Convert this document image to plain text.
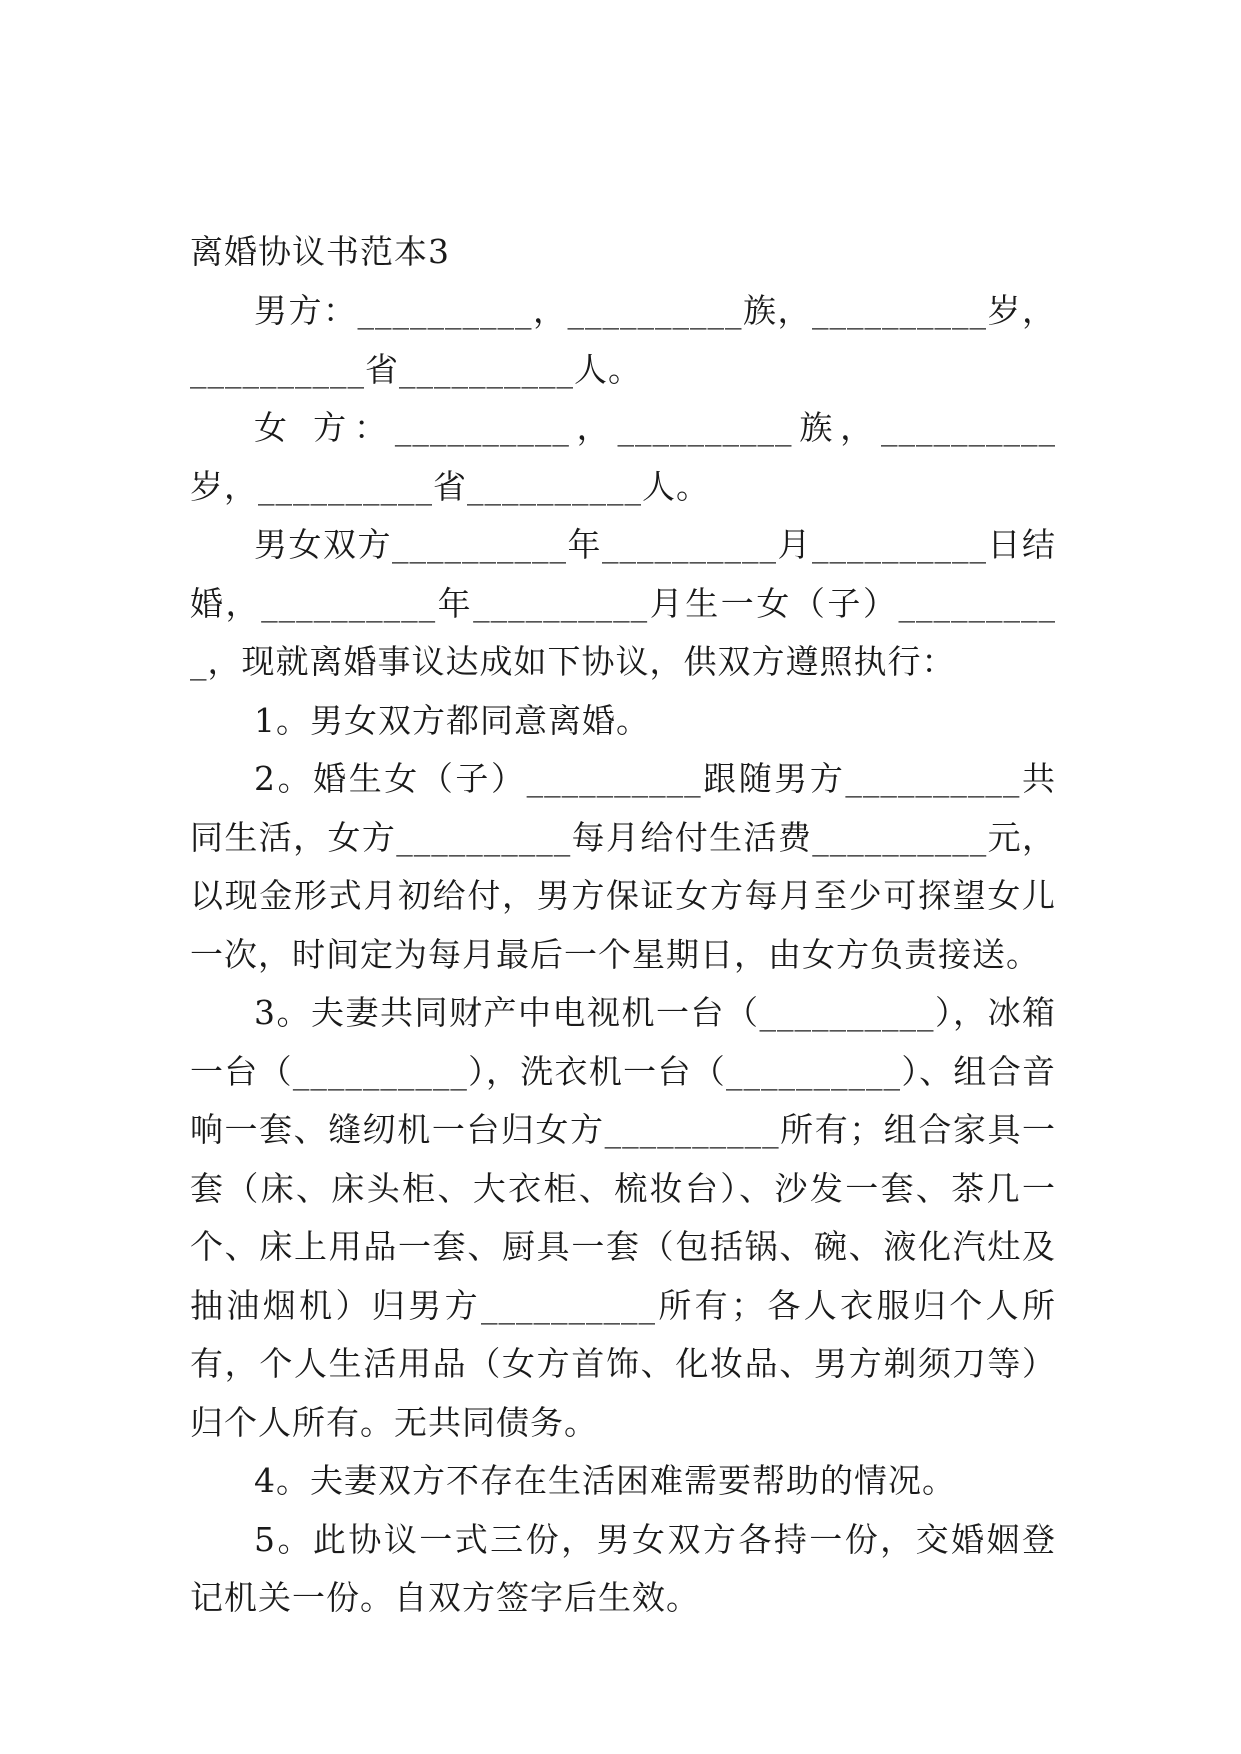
离婚协议书范本3

男方：__________，__________族，__________岁，__________省__________人。

女 方：__________，__________族，__________岁，__________省__________人。

男女双方__________年__________月__________日结婚，__________年__________月生一女（子）__________，现就离婚事议达成如下协议，供双方遵照执行：

1。男女双方都同意离婚。

2。婚生女（子）__________跟随男方__________共同生活，女方__________每月给付生活费__________元，以现金形式月初给付，男方保证女方每月至少可探望女儿一次，时间定为每月最后一个星期日，由女方负责接送。

3。夫妻共同财产中电视机一台（__________），冰箱一台（__________），洗衣机一台（__________）、组合音响一套、缝纫机一台归女方__________所有；组合家具一套（床、床头柜、大衣柜、梳妆台）、沙发一套、茶几一个、床上用品一套、厨具一套（包括锅、碗、液化汽灶及抽油烟机）归男方__________所有；各人衣服归个人所有，个人生活用品（女方首饰、化妆品、男方剃须刀等）归个人所有。无共同债务。

4。夫妻双方不存在生活困难需要帮助的情况。

5。此协议一式三份，男女双方各持一份，交婚姻登记机关一份。自双方签字后生效。
